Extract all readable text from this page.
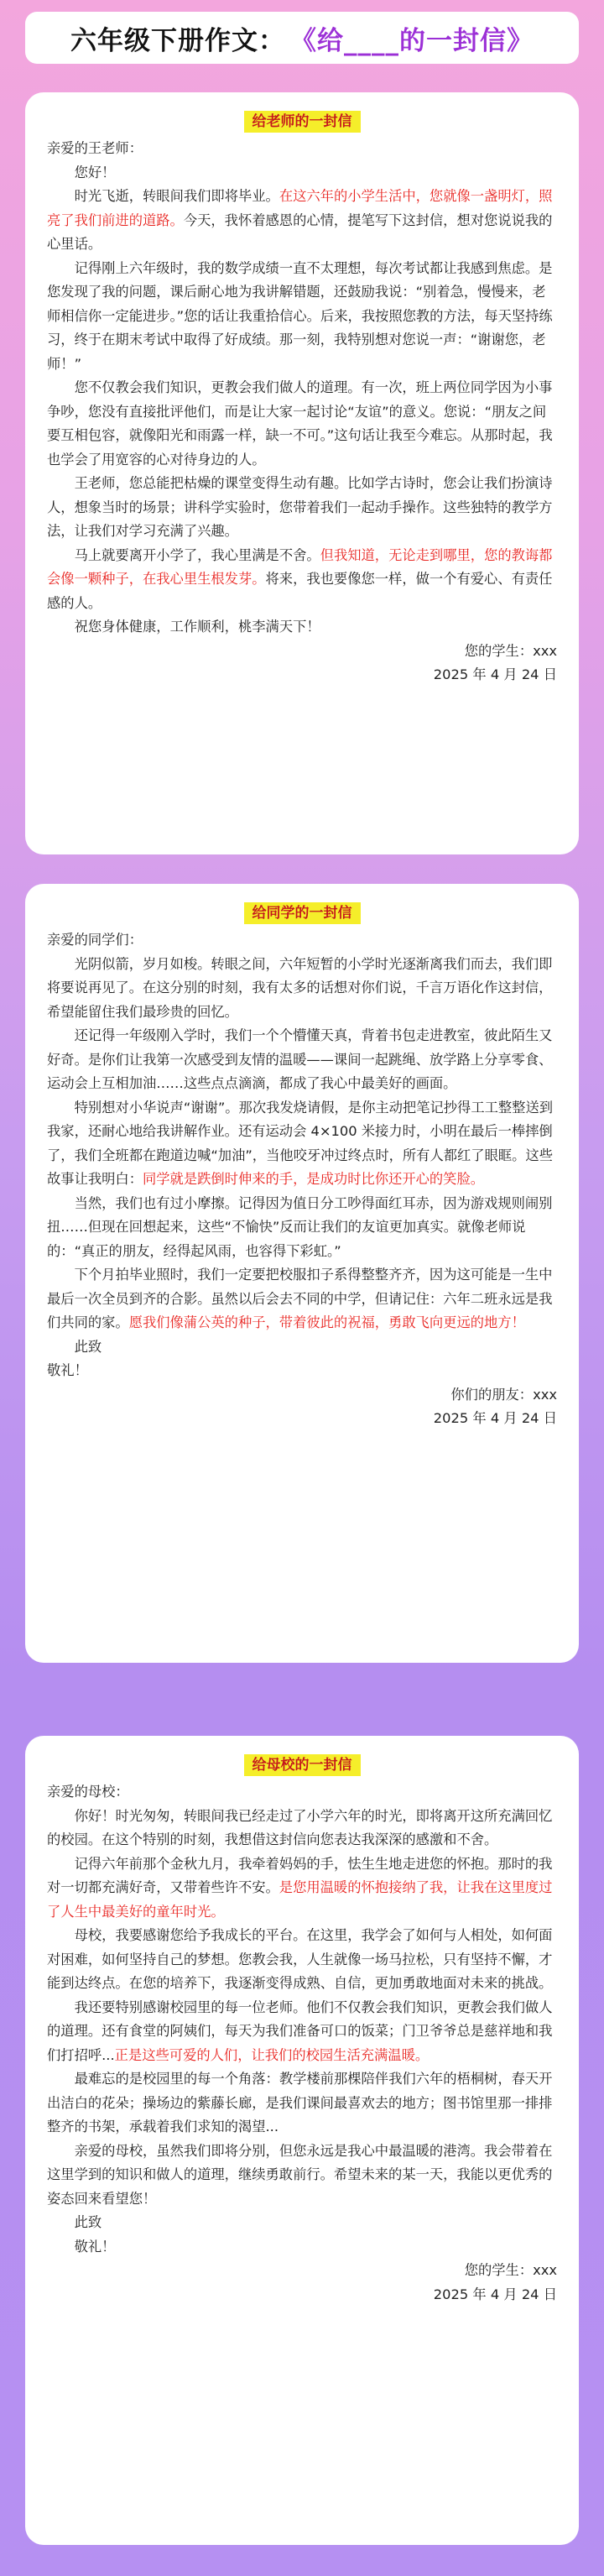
六年级下册作文： 《给____的一封信》
给老师的一封信

亲爱的王老师：

您好！

时光飞逝，转眼间我们即将毕业。在这六年的小学生活中，您就像一盏明灯，照亮了我们前进的道路。今天，我怀着感恩的心情，提笔写下这封信，想对您说说我的心里话。

记得刚上六年级时，我的数学成绩一直不太理想，每次考试都让我感到焦虑。是您发现了我的问题，课后耐心地为我讲解错题，还鼓励我说：“别着急，慢慢来，老师相信你一定能进步。”您的话让我重拾信心。后来，我按照您教的方法，每天坚持练习，终于在期末考试中取得了好成绩。那一刻，我特别想对您说一声：“谢谢您，老师！”

您不仅教会我们知识，更教会我们做人的道理。有一次，班上两位同学因为小事争吵，您没有直接批评他们，而是让大家一起讨论“友谊”的意义。您说：“朋友之间要互相包容，就像阳光和雨露一样，缺一不可。”这句话让我至今难忘。从那时起，我也学会了用宽容的心对待身边的人。

王老师，您总能把枯燥的课堂变得生动有趣。比如学古诗时，您会让我们扮演诗人，想象当时的场景；讲科学实验时，您带着我们一起动手操作。这些独特的教学方法，让我们对学习充满了兴趣。

马上就要离开小学了，我心里满是不舍。但我知道，无论走到哪里，您的教诲都会像一颗种子，在我心里生根发芽。将来，我也要像您一样，做一个有爱心、有责任感的人。

祝您身体健康，工作顺利，桃李满天下！

您的学生：xxx

2025 年 4 月 24 日

给同学的一封信

亲爱的同学们：

光阴似箭，岁月如梭。转眼之间，六年短暂的小学时光逐渐离我们而去，我们即将要说再见了。在这分别的时刻，我有太多的话想对你们说，千言万语化作这封信，希望能留住我们最珍贵的回忆。

还记得一年级刚入学时，我们一个个懵懂天真，背着书包走进教室，彼此陌生又好奇。是你们让我第一次感受到友情的温暖——课间一起跳绳、放学路上分享零食、运动会上互相加油……这些点点滴滴，都成了我心中最美好的画面。

特别想对小华说声“谢谢”。那次我发烧请假，是你主动把笔记抄得工工整整送到我家，还耐心地给我讲解作业。还有运动会 4×100 米接力时，小明在最后一棒摔倒了，我们全班都在跑道边喊“加油”，当他咬牙冲过终点时，所有人都红了眼眶。这些故事让我明白：同学就是跌倒时伸来的手，是成功时比你还开心的笑脸。

当然，我们也有过小摩擦。记得因为值日分工吵得面红耳赤，因为游戏规则闹别扭……但现在回想起来，这些“不愉快”反而让我们的友谊更加真实。就像老师说的：“真正的朋友，经得起风雨，也容得下彩虹。”

下个月拍毕业照时，我们一定要把校服扣子系得整整齐齐，因为这可能是一生中最后一次全员到齐的合影。虽然以后会去不同的中学，但请记住：六年二班永远是我们共同的家。愿我们像蒲公英的种子，带着彼此的祝福，勇敢飞向更远的地方！

此致

敬礼！

你们的朋友：xxx

2025 年 4 月 24 日

给母校的一封信

亲爱的母校：

你好！时光匆匆，转眼间我已经走过了小学六年的时光，即将离开这所充满回忆的校园。在这个特别的时刻，我想借这封信向您表达我深深的感激和不舍。

记得六年前那个金秋九月，我牵着妈妈的手，怯生生地走进您的怀抱。那时的我对一切都充满好奇，又带着些许不安。是您用温暖的怀抱接纳了我，让我在这里度过了人生中最美好的童年时光。

母校，我要感谢您给予我成长的平台。在这里，我学会了如何与人相处，如何面对困难，如何坚持自己的梦想。您教会我，人生就像一场马拉松，只有坚持不懈，才能到达终点。在您的培养下，我逐渐变得成熟、自信，更加勇敢地面对未来的挑战。

我还要特别感谢校园里的每一位老师。他们不仅教会我们知识，更教会我们做人的道理。还有食堂的阿姨们，每天为我们准备可口的饭菜；门卫爷爷总是慈祥地和我们打招呼...正是这些可爱的人们，让我们的校园生活充满温暖。

最难忘的是校园里的每一个角落：教学楼前那棵陪伴我们六年的梧桐树，春天开出洁白的花朵；操场边的紫藤长廊，是我们课间最喜欢去的地方；图书馆里那一排排整齐的书架，承载着我们求知的渴望...

亲爱的母校，虽然我们即将分别，但您永远是我心中最温暖的港湾。我会带着在这里学到的知识和做人的道理，继续勇敢前行。希望未来的某一天，我能以更优秀的姿态回来看望您！

此致

敬礼！

您的学生：xxx

2025 年 4 月 24 日
